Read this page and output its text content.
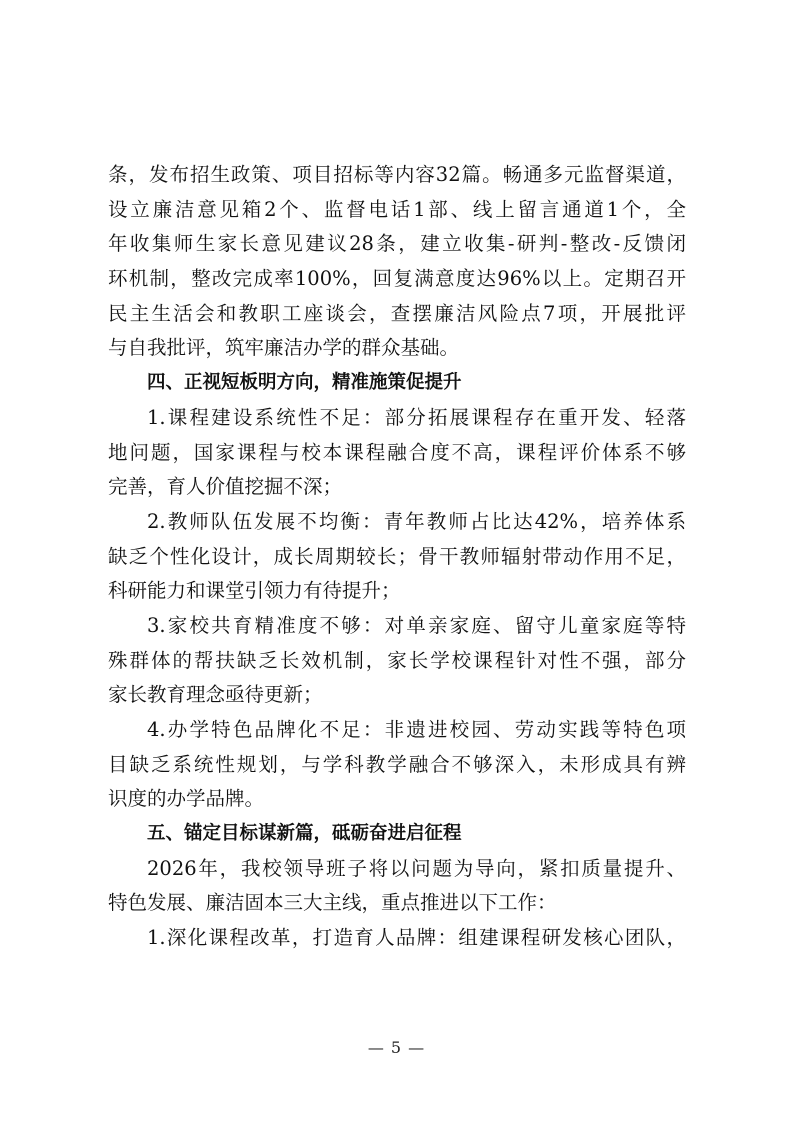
条，发布招生政策、项目招标等内容32篇。畅通多元监督渠道，
设立廉洁意见箱2个、监督电话1部、线上留言通道1个，全
年收集师生家长意见建议28条，建立收集-研判-整改-反馈闭
环机制，整改完成率100%，回复满意度达96%以上。定期召开
民主生活会和教职工座谈会，查摆廉洁风险点7项，开展批评
与自我批评，筑牢廉洁办学的群众基础。
四、正视短板明方向，精准施策促提升
1.课程建设系统性不足：部分拓展课程存在重开发、轻落
地问题，国家课程与校本课程融合度不高，课程评价体系不够
完善，育人价值挖掘不深；
2.教师队伍发展不均衡：青年教师占比达42%，培养体系
缺乏个性化设计，成长周期较长；骨干教师辐射带动作用不足，
科研能力和课堂引领力有待提升；
3.家校共育精准度不够：对单亲家庭、留守儿童家庭等特
殊群体的帮扶缺乏长效机制，家长学校课程针对性不强，部分
家长教育理念亟待更新；
4.办学特色品牌化不足：非遗进校园、劳动实践等特色项
目缺乏系统性规划，与学科教学融合不够深入，未形成具有辨
识度的办学品牌。
五、锚定目标谋新篇，砥砺奋进启征程
2026年，我校领导班子将以问题为导向，紧扣质量提升、
特色发展、廉洁固本三大主线，重点推进以下工作：
1.深化课程改革，打造育人品牌：组建课程研发核心团队，
— 5 —
